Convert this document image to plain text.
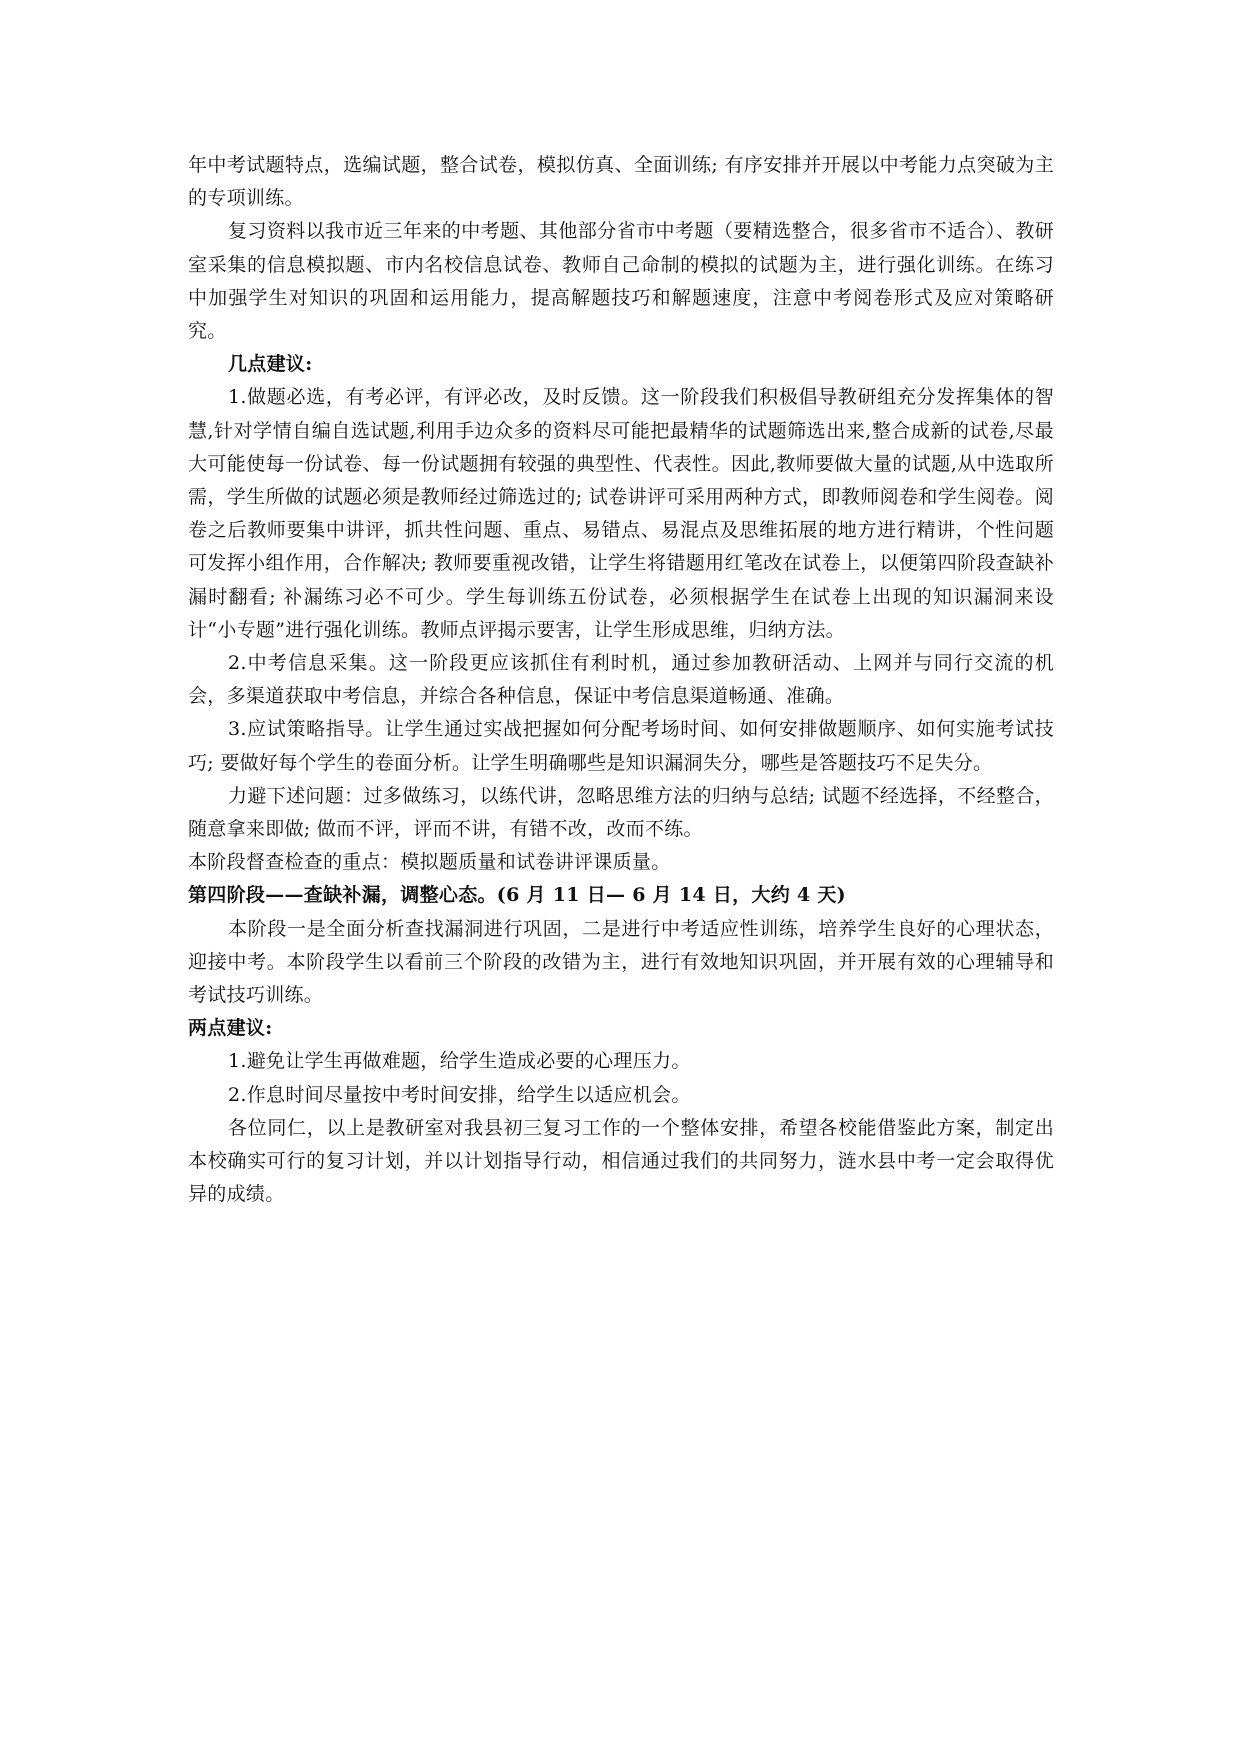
年中考试题特点，选编试题，整合试卷，模拟仿真、全面训练; 有序安排并开展以中考能力点突破为主的专项训练。

复习资料以我市近三年来的中考题、其他部分省市中考题（要精选整合，很多省市不适合）、教研室采集的信息模拟题、市内名校信息试卷、教师自己命制的模拟的试题为主，进行强化训练。在练习中加强学生对知识的巩固和运用能力，提高解题技巧和解题速度，注意中考阅卷形式及应对策略研究。

几点建议:

1.做题必选，有考必评，有评必改，及时反馈。这一阶段我们积极倡导教研组充分发挥集体的智慧,针对学情自编自选试题,利用手边众多的资料尽可能把最精华的试题筛选出来,整合成新的试卷,尽最大可能使每一份试卷、每一份试题拥有较强的典型性、代表性。因此,教师要做大量的试题,从中选取所需，学生所做的试题必须是教师经过筛选过的; 试卷讲评可采用两种方式，即教师阅卷和学生阅卷。阅卷之后教师要集中讲评，抓共性问题、重点、易错点、易混点及思维拓展的地方进行精讲，个性问题可发挥小组作用，合作解决; 教师要重视改错，让学生将错题用红笔改在试卷上，以便第四阶段查缺补漏时翻看; 补漏练习必不可少。学生每训练五份试卷，必须根据学生在试卷上出现的知识漏洞来设计“小专题”进行强化训练。教师点评揭示要害，让学生形成思维，归纳方法。

2.中考信息采集。这一阶段更应该抓住有利时机，通过参加教研活动、上网并与同行交流的机会，多渠道获取中考信息，并综合各种信息，保证中考信息渠道畅通、准确。

3.应试策略指导。让学生通过实战把握如何分配考场时间、如何安排做题顺序、如何实施考试技巧; 要做好每个学生的卷面分析。让学生明确哪些是知识漏洞失分，哪些是答题技巧不足失分。

力避下述问题：过多做练习，以练代讲，忽略思维方法的归纳与总结; 试题不经选择，不经整合，随意拿来即做; 做而不评，评而不讲，有错不改，改而不练。

本阶段督查检查的重点：模拟题质量和试卷讲评课质量。

第四阶段——查缺补漏，调整心态。(6 月 11 日— 6 月 14 日，大约 4 天)

本阶段一是全面分析查找漏洞进行巩固，二是进行中考适应性训练，培养学生良好的心理状态，迎接中考。本阶段学生以看前三个阶段的改错为主，进行有效地知识巩固，并开展有效的心理辅导和考试技巧训练。

两点建议:

1.避免让学生再做难题，给学生造成必要的心理压力。

2.作息时间尽量按中考时间安排，给学生以适应机会。

各位同仁，以上是教研室对我县初三复习工作的一个整体安排，希望各校能借鉴此方案，制定出本校确实可行的复习计划，并以计划指导行动，相信通过我们的共同努力，涟水县中考一定会取得优异的成绩。
